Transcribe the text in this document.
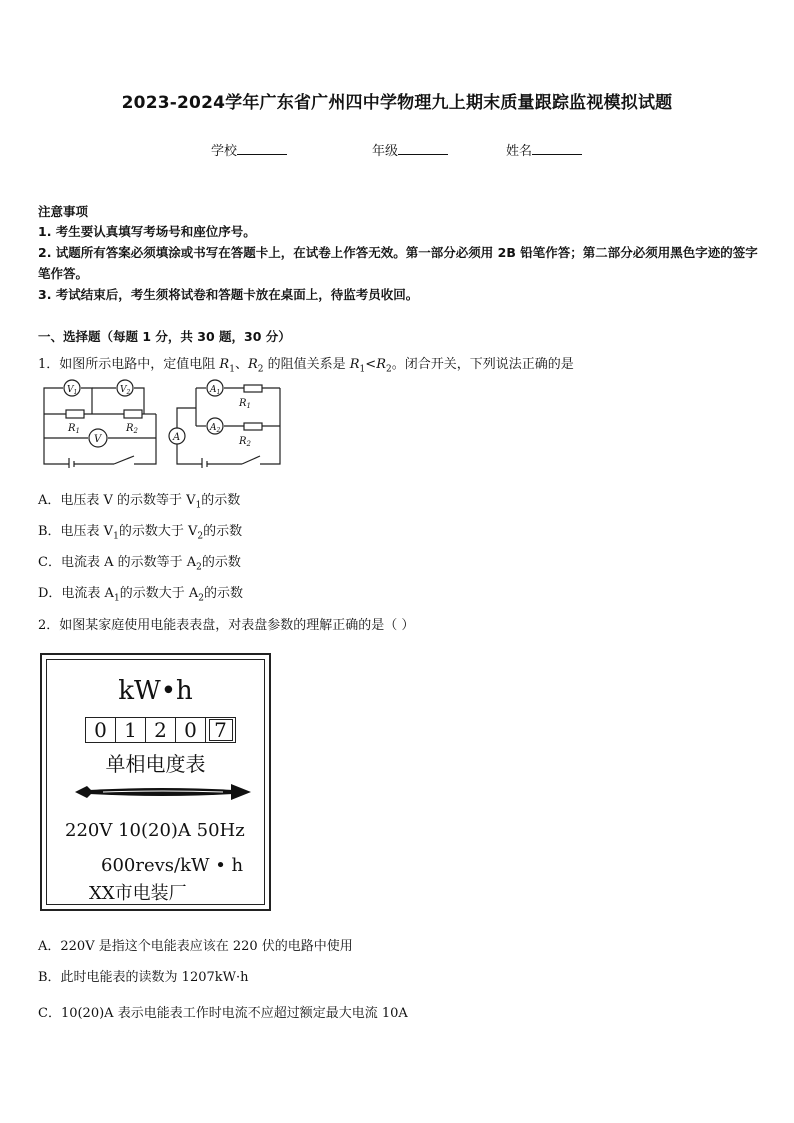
2023-2024学年广东省广州四中学物理九上期末质量跟踪监视模拟试题
学校	年级	姓名
注意事项
1. 考生要认真填写考场号和座位序号。
2. 试题所有答案必须填涂或书写在答题卡上，在试卷上作答无效。第一部分必须用 2B 铅笔作答；第二部分必须用黑色字迹的签字笔作答。
3. 考试结束后，考生须将试卷和答题卡放在桌面上，待监考员收回。
一、选择题（每题 1 分，共 30 题，30 分）
1．如图所示电路中，定值电阻 $R_1$、$R_2$ 的阻值关系是 $R_1<R_2$。闭合开关，下列说法正确的是
$V_1$	$V_2$
V
$R_1$	$R_2$
A
$A_1$
$A_2$
$R_1$
$R_2$
A．电压表 V 的示数等于 $V_1$的示数
B．电压表 $V_1$的示数大于 $V_2$的示数
C．电流表 A 的示数等于 $A_2$的示数
D．电流表 $A_1$的示数大于 $A_2$的示数
2．如图某家庭使用电能表表盘，对表盘参数的理解正确的是（ ）
kW•h
0 1 2 0 7
单相电度表
220V 10(20)A 50Hz
600revs/kW • h
XX市电装厂
A．220V 是指这个电能表应该在 220 伏的电路中使用
B．此时电能表的读数为 1207kW·h
C．10(20)A 表示电能表工作时电流不应超过额定最大电流 10A
